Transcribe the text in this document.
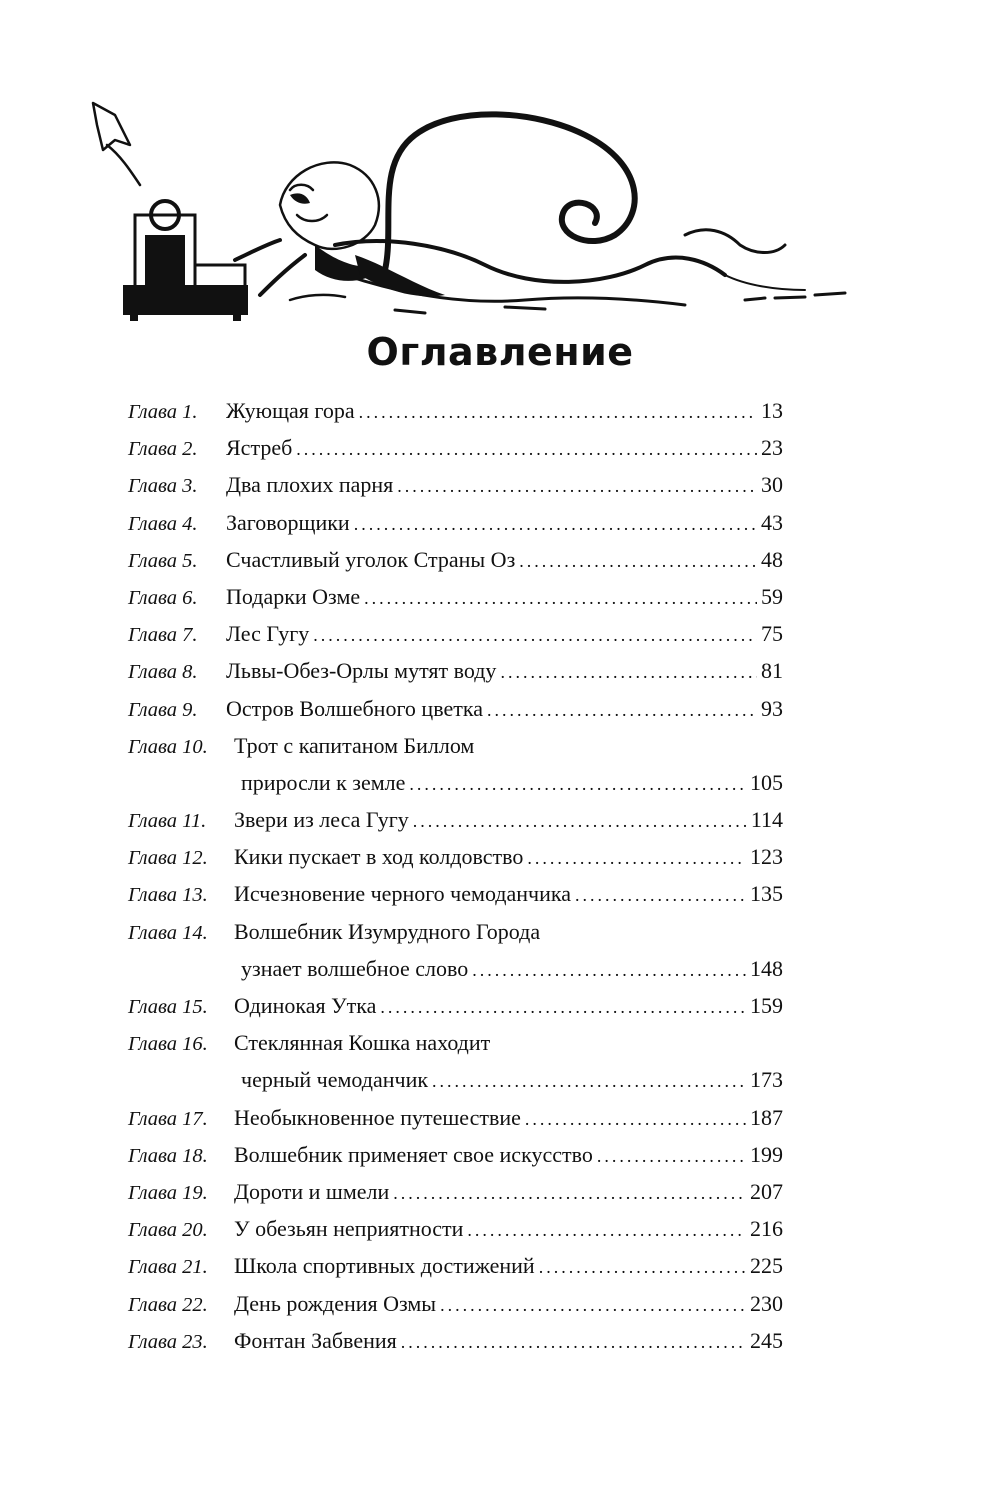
Оглавление
Глава 1.	Жующая гора .....	13
Глава 2.	Ястреб .....	23
Глава 3.	Два плохих парня .....	30
Глава 4.	Заговорщики .....	43
Глава 5.	Счастливый уголок Страны Оз .....	48
Глава 6.	Подарки Озме .....	59
Глава 7.	Лес Гугу .....	75
Глава 8.	Львы-Обез-Орлы мутят воду .....	81
Глава 9.	Остров Волшебного цветка .....	93
Глава 10.	Трот с капитаном Биллом
приросли к земле .....	105
Глава 11.	Звери из леса Гугу .....	114
Глава 12.	Кики пускает в ход колдовство .....	123
Глава 13.	Исчезновение черного чемоданчика .....	135
Глава 14.	Волшебник Изумрудного Города
узнает волшебное слово .....	148
Глава 15.	Одинокая Утка .....	159
Глава 16.	Стеклянная Кошка находит
черный чемоданчик .....	173
Глава 17.	Необыкновенное путешествие .....	187
Глава 18.	Волшебник применяет свое искусство .....	199
Глава 19.	Дороти и шмели .....	207
Глава 20.	У обезьян неприятности .....	216
Глава 21.	Школа спортивных достижений .....	225
Глава 22.	День рождения Озмы .....	230
Глава 23.	Фонтан Забвения .....	245
